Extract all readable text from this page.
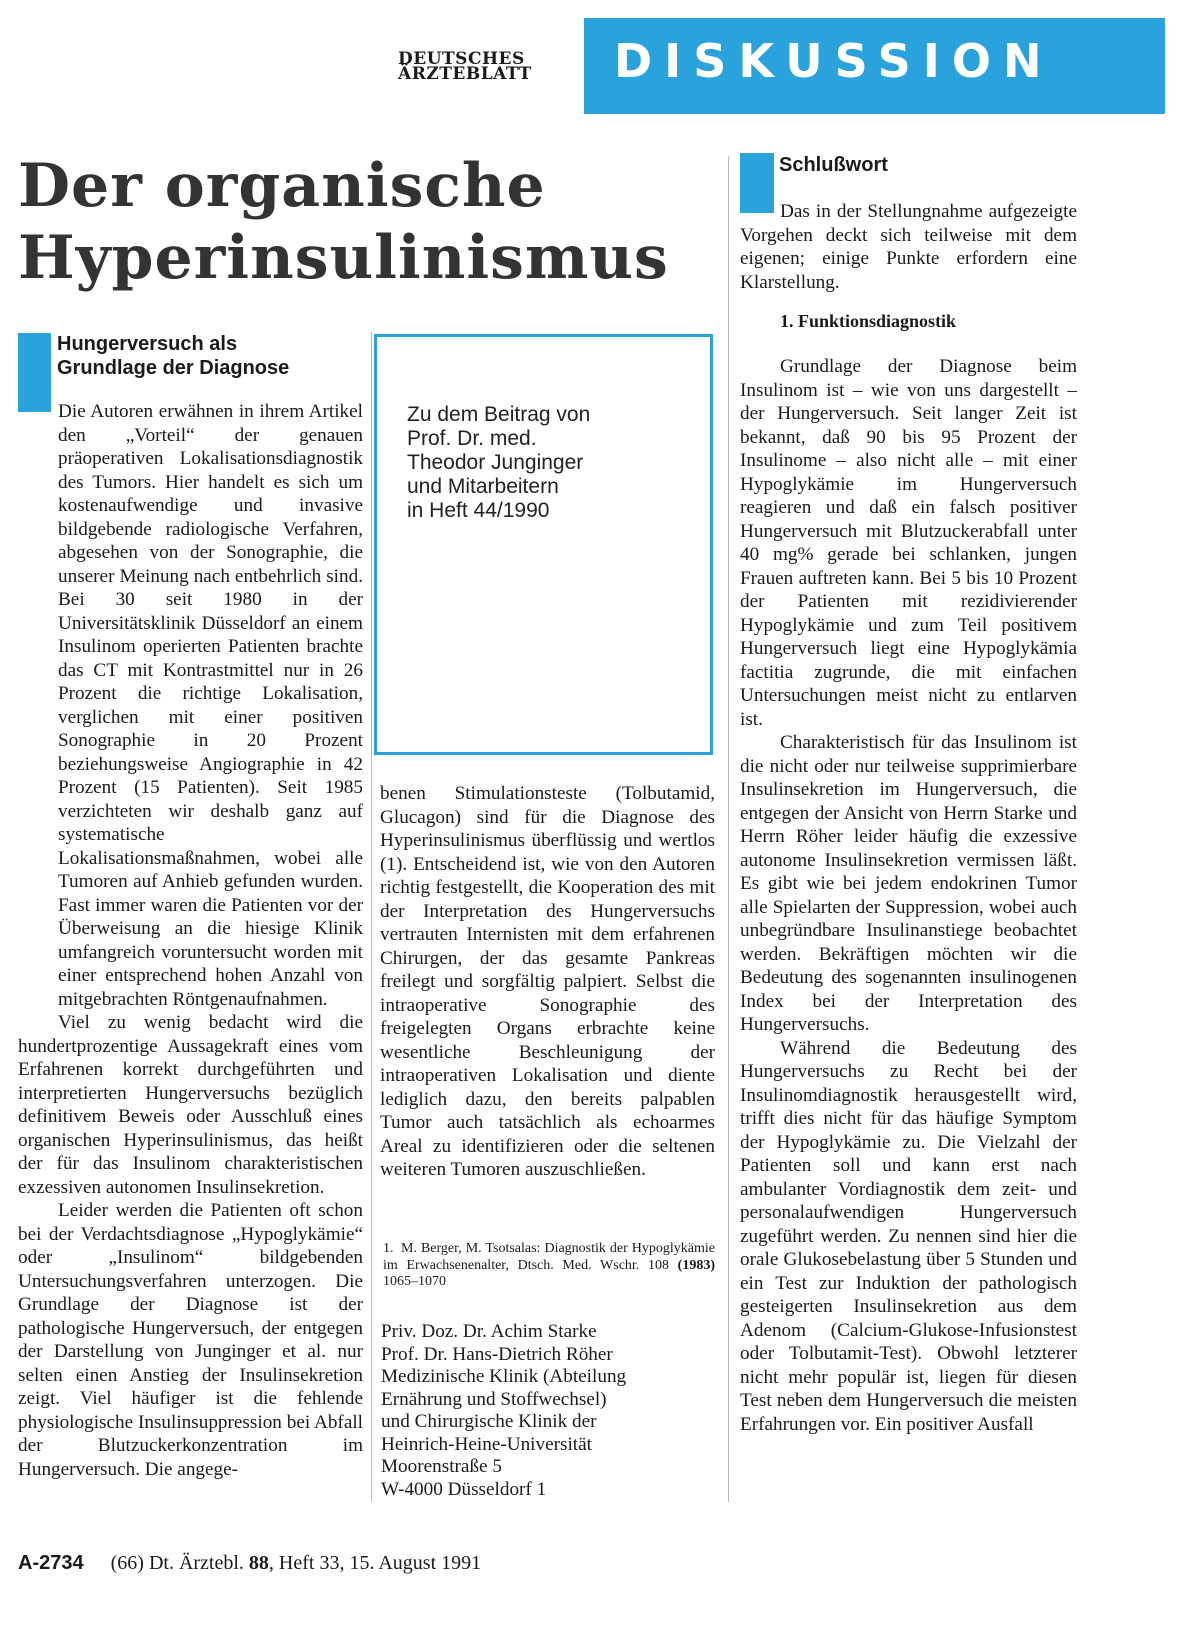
DEUTSCHES
ÄRZTEBLATT	DISKUSSION
Der organische
Hyperinsulinismus
Hungerversuch als
Grundlage der Diagnose

Die Autoren erwähnen in ihrem Artikel den „Vorteil“ der genauen präoperativen Lokalisationsdiagnostik des Tumors. Hier handelt es sich um kostenaufwendige und invasive bildgebende radiologische Verfahren, abgesehen von der Sonographie, die unserer Meinung nach entbehrlich sind. Bei 30 seit 1980 in der Universitätsklinik Düsseldorf an einem Insulinom operierten Patienten brachte das CT mit Kontrastmittel nur in 26 Prozent die richtige Lokalisation, verglichen mit einer positiven Sonographie in 20 Prozent beziehungsweise Angiographie in 42 Prozent (15 Patienten). Seit 1985 verzichteten wir deshalb ganz auf systematische Lokalisationsmaßnahmen, wobei alle Tumoren auf Anhieb gefunden wurden. Fast immer waren die Patienten vor der Überweisung an die hiesige Klinik umfangreich voruntersucht worden mit einer entsprechend hohen Anzahl von mitgebrachten Röntgenaufnahmen.

Viel zu wenig bedacht wird die hundertprozentige Aussagekraft eines vom Erfahrenen korrekt durchgeführten und interpretierten Hungerversuchs bezüglich definitivem Beweis oder Ausschluß eines organischen Hyperinsulinismus, das heißt der für das Insulinom charakteristischen exzessiven autonomen Insulinsekretion.

Leider werden die Patienten oft schon bei der Verdachtsdiagnose „Hypoglykämie“ oder „Insulinom“ bildgebenden Untersuchungsverfahren unterzogen. Die Grundlage der Diagnose ist der pathologische Hungerversuch, der entgegen der Darstellung von Junginger et al. nur selten einen Anstieg der Insulinsekretion zeigt. Viel häufiger ist die fehlende physiologische Insulinsuppression bei Abfall der Blutzuckerkonzentration im Hungerversuch. Die angege-

Zu dem Beitrag von
Prof. Dr. med.
Theodor Junginger
und Mitarbeitern
in Heft 44/1990

benen Stimulationsteste (Tolbutamid, Glucagon) sind für die Diagnose des Hyperinsulinismus überflüssig und wertlos (1). Entscheidend ist, wie von den Autoren richtig festgestellt, die Kooperation des mit der Interpretation des Hungerversuchs vertrauten Internisten mit dem erfahrenen Chirurgen, der das gesamte Pankreas freilegt und sorgfältig palpiert. Selbst die intraoperative Sonographie des freigelegten Organs erbrachte keine wesentliche Beschleunigung der intraoperativen Lokalisation und diente lediglich dazu, den bereits palpablen Tumor auch tatsächlich als echoarmes Areal zu identifizieren oder die seltenen weiteren Tumoren auszuschließen.

1. M. Berger, M. Tsotsalas: Diagnostik der Hypoglykämie im Erwachsenenalter, Dtsch. Med. Wschr. 108 (1983) 1065–1070
Priv. Doz. Dr. Achim Starke
Prof. Dr. Hans-Dietrich Röher
Medizinische Klinik (Abteilung
Ernährung und Stoffwechsel)
und Chirurgische Klinik der
Heinrich-Heine-Universität
Moorenstraße 5
W-4000 Düsseldorf 1
Schlußwort

Das in der Stellungnahme aufgezeigte Vorgehen deckt sich teilweise mit dem eigenen; einige Punkte erfordern eine Klarstellung.

1. Funktionsdiagnostik

Grundlage der Diagnose beim Insulinom ist – wie von uns dargestellt – der Hungerversuch. Seit langer Zeit ist bekannt, daß 90 bis 95 Prozent der Insulinome – also nicht alle – mit einer Hypoglykämie im Hungerversuch reagieren und daß ein falsch positiver Hungerversuch mit Blutzuckerabfall unter 40 mg% gerade bei schlanken, jungen Frauen auftreten kann. Bei 5 bis 10 Prozent der Patienten mit rezidivierender Hypoglykämie und zum Teil positivem Hungerversuch liegt eine Hypoglykämia factitia zugrunde, die mit einfachen Untersuchungen meist nicht zu entlarven ist.

Charakteristisch für das Insulinom ist die nicht oder nur teilweise supprimierbare Insulinsekretion im Hungerversuch, die entgegen der Ansicht von Herrn Starke und Herrn Röher leider häufig die exzessive autonome Insulinsekretion vermissen läßt. Es gibt wie bei jedem endokrinen Tumor alle Spielarten der Suppression, wobei auch unbegründbare Insulinanstiege beobachtet werden. Bekräftigen möchten wir die Bedeutung des sogenannten insulinogenen Index bei der Interpretation des Hungerversuchs.

Während die Bedeutung des Hungerversuchs zu Recht bei der Insulinomdiagnostik herausgestellt wird, trifft dies nicht für das häufige Symptom der Hypoglykämie zu. Die Vielzahl der Patienten soll und kann erst nach ambulanter Vordiagnostik dem zeit- und personalaufwendigen Hungerversuch zugeführt werden. Zu nennen sind hier die orale Glukosebelastung über 5 Stunden und ein Test zur Induktion der pathologisch gesteigerten Insulinsekretion aus dem Adenom (Calcium-Glukose-Infusionstest oder Tolbutamit-Test). Obwohl letzterer nicht mehr populär ist, liegen für diesen Test neben dem Hungerversuch die meisten Erfahrungen vor. Ein positiver Ausfall

A-2734 (66) Dt. Ärztebl. 88, Heft 33, 15. August 1991
